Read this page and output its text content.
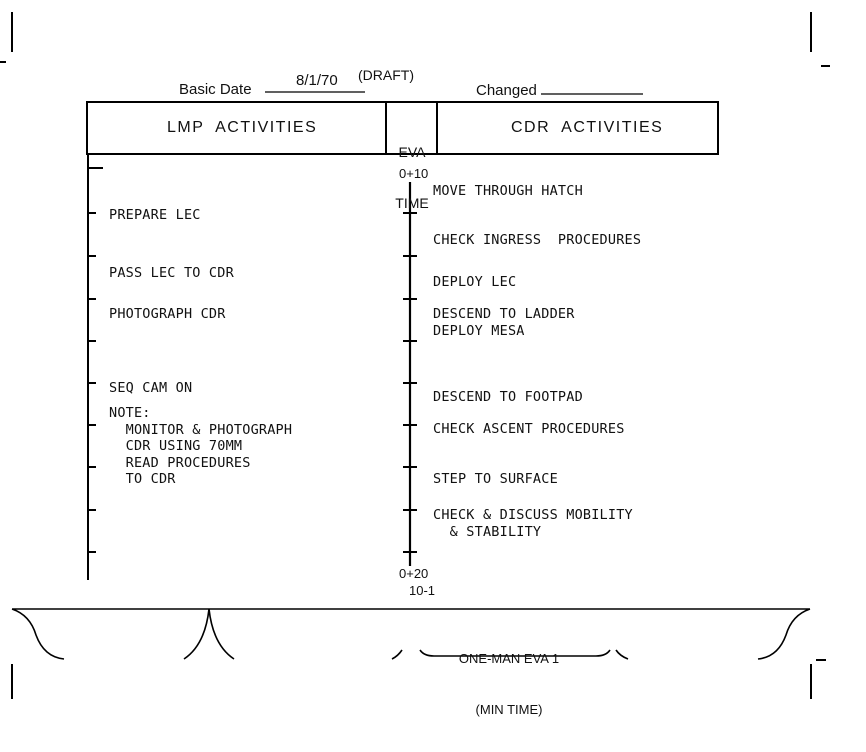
Basic Date
8/1/70 (DRAFT)
Changed
LMP  ACTIVITIES

EVA

TIME

CDR  ACTIVITIES
0+10
0+20
10-1
PREPARE LEC
PASS LEC TO CDR
PHOTOGRAPH CDR
SEQ CAM ON
NOTE:
MONITOR & PHOTOGRAPH
CDR USING 70MM
READ PROCEDURES
TO CDR
MOVE THROUGH HATCH
CHECK INGRESS  PROCEDURES
DEPLOY LEC
DESCEND TO LADDER
DEPLOY MESA
DESCEND TO FOOTPAD
CHECK ASCENT PROCEDURES
STEP TO SURFACE
CHECK & DISCUSS MOBILITY
& STABILITY

ONE-MAN EVA 1

(MIN TIME)
